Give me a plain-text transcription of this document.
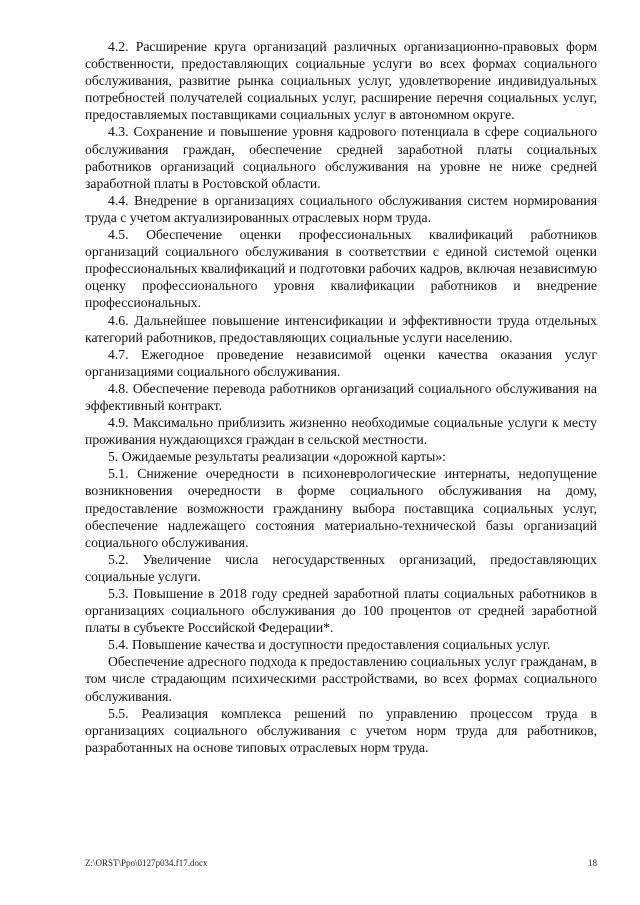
4.2. Расширение круга организаций различных организационно-правовых форм собственности, предоставляющих социальные услуги во всех формах социального обслуживания, развитие рынка социальных услуг, удовлетворение индивидуальных потребностей получателей социальных услуг, расширение перечня социальных услуг, предоставляемых поставщиками социальных услуг в автономном округе.

4.3. Сохранение и повышение уровня кадрового потенциала в сфере социального обслуживания граждан, обеспечение средней заработной платы социальных работников организаций социального обслуживания на уровне не ниже средней заработной платы в Ростовской области.

4.4. Внедрение в организациях социального обслуживания систем нормирования труда с учетом актуализированных отраслевых норм труда.

4.5. Обеспечение оценки профессиональных квалификаций работников организаций социального обслуживания в соответствии с единой системой оценки профессиональных квалификаций и подготовки рабочих кадров, включая независимую оценку профессионального уровня квалификации работников и внедрение профессиональных.

4.6. Дальнейшее повышение интенсификации и эффективности труда отдельных категорий работников, предоставляющих социальные услуги населению.

4.7. Ежегодное проведение независимой оценки качества оказания услуг организациями социального обслуживания.

4.8. Обеспечение перевода работников организаций социального обслуживания на эффективный контракт.

4.9. Максимально приблизить жизненно необходимые социальные услуги к месту проживания нуждающихся граждан в сельской местности.

5. Ожидаемые результаты реализации «дорожной карты»:

5.1. Снижение очередности в психоневрологические интернаты, недопущение возникновения очередности в форме социального обслуживания на дому, предоставление возможности гражданину выбора поставщика социальных услуг, обеспечение надлежащего состояния материально-технической базы организаций социального обслуживания.

5.2. Увеличение числа негосударственных организаций, предоставляющих социальные услуги.

5.3. Повышение в 2018 году средней заработной платы социальных работников в организациях социального обслуживания до 100 процентов от средней заработной платы в субъекте Российской Федерации*.

5.4. Повышение качества и доступности предоставления социальных услуг.

Обеспечение адресного подхода к предоставлению социальных услуг гражданам, в том числе страдающим психическими расстройствами, во всех формах социального обслуживания.

5.5. Реализация комплекса решений по управлению процессом труда в организациях социального обслуживания с учетом норм труда для работников, разработанных на основе типовых отраслевых норм труда.

Z:\ORST\Ppo\0127p034.f17.docx	18
